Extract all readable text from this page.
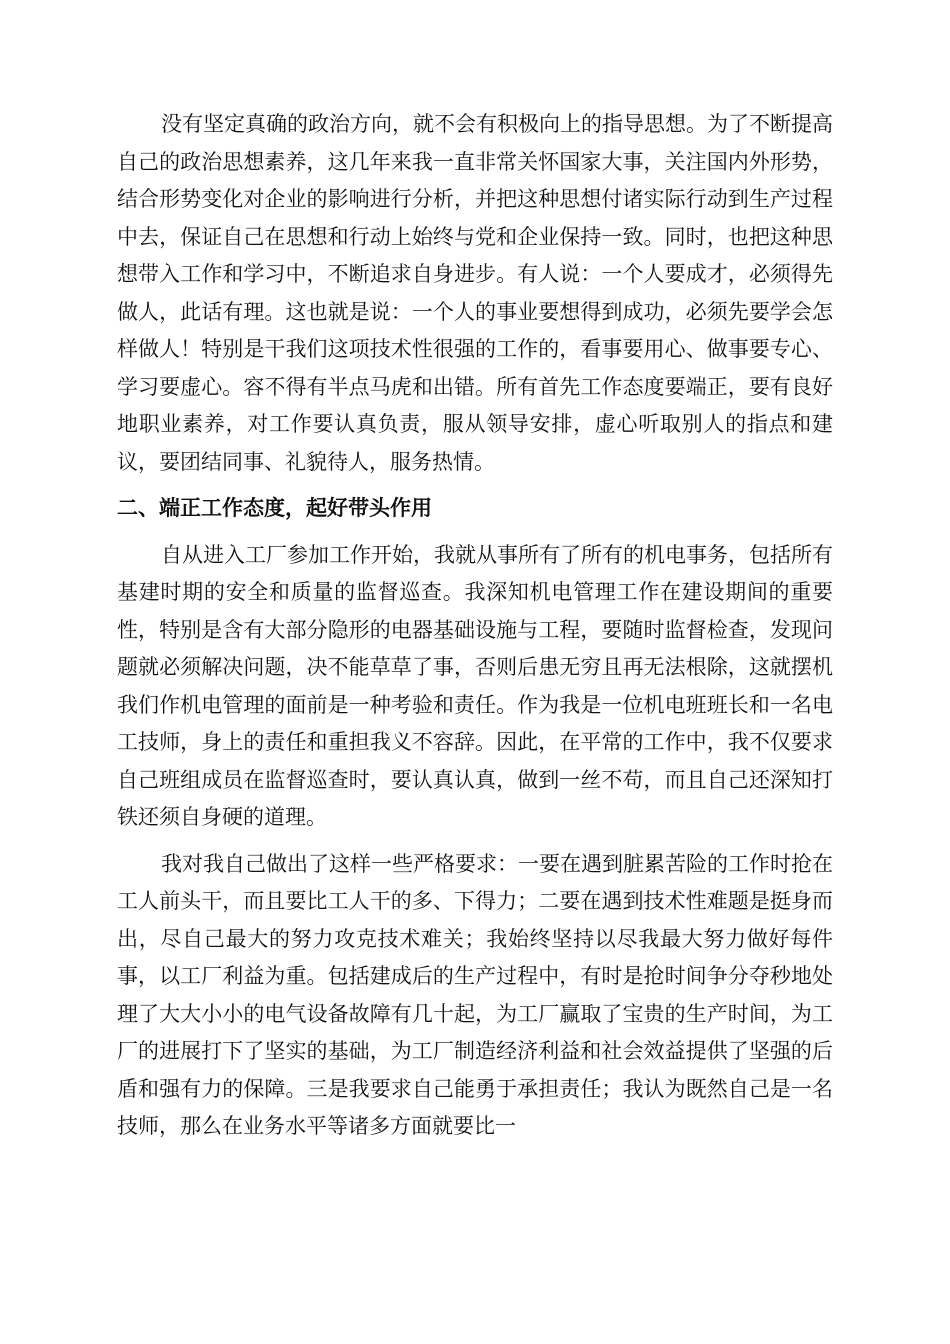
没有坚定真确的政治方向，就不会有积极向上的指导思想。为了不断提高自己的政治思想素养，这几年来我一直非常关怀国家大事，关注国内外形势，结合形势变化对企业的影响进行分析，并把这种思想付诸实际行动到生产过程中去，保证自己在思想和行动上始终与党和企业保持一致。同时，也把这种思想带入工作和学习中，不断追求自身进步。有人说：一个人要成才，必须得先做人，此话有理。这也就是说：一个人的事业要想得到成功，必须先要学会怎样做人！特别是干我们这项技术性很强的工作的，看事要用心、做事要专心、学习要虚心。容不得有半点马虎和出错。所有首先工作态度要端正，要有良好地职业素养，对工作要认真负责，服从领导安排，虚心听取别人的指点和建议，要团结同事、礼貌待人，服务热情。

二、端正工作态度，起好带头作用

自从进入工厂参加工作开始，我就从事所有了所有的机电事务，包括所有基建时期的安全和质量的监督巡查。我深知机电管理工作在建设期间的重要性，特别是含有大部分隐形的电器基础设施与工程，要随时监督检查，发现问题就必须解决问题，决不能草草了事，否则后患无穷且再无法根除，这就摆机我们作机电管理的面前是一种考验和责任。作为我是一位机电班班长和一名电工技师，身上的责任和重担我义不容辞。因此，在平常的工作中，我不仅要求自己班组成员在监督巡查时，要认真认真，做到一丝不苟，而且自己还深知打铁还须自身硬的道理。

我对我自己做出了这样一些严格要求：一要在遇到脏累苦险的工作时抢在工人前头干，而且要比工人干的多、下得力；二要在遇到技术性难题是挺身而出，尽自己最大的努力攻克技术难关；我始终坚持以尽我最大努力做好每件事，以工厂利益为重。包括建成后的生产过程中，有时是抢时间争分夺秒地处理了大大小小的电气设备故障有几十起，为工厂赢取了宝贵的生产时间，为工厂的进展打下了坚实的基础，为工厂制造经济利益和社会效益提供了坚强的后盾和强有力的保障。三是我要求自己能勇于承担责任；我认为既然自己是一名技师，那么在业务水平等诸多方面就要比一
